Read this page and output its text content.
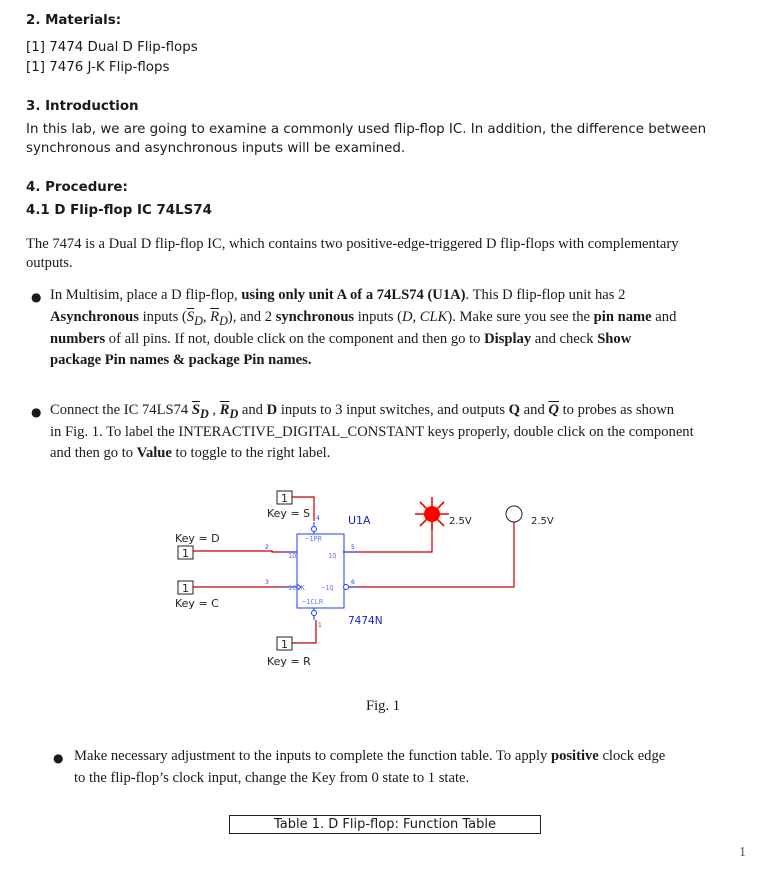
2. Materials:

[1] 7474 Dual D Flip-flops

[1] 7476 J-K Flip-flops

3. Introduction

In this lab, we are going to examine a commonly used flip-flop IC. In addition, the difference between

synchronous and asynchronous inputs will be examined.

4. Procedure:

4.1 D Flip-flop IC 74LS74

The 7474 is a Dual D flip-flop IC, which contains two positive-edge-triggered D flip-flops with complementary

outputs.

● In Multisim, place a D flip-flop, using only unit A of a 74LS74 (U1A). This D flip-flop unit has 2

Asynchronous inputs ($\overline{S}_D$, $\overline{R}_D$), and 2 synchronous inputs (D, CLK). Make sure you see the pin name and

numbers of all pins. If not, double click on the component and then go to Display and check Show

package Pin names & package Pin names.

● Connect the IC 74LS74 $\overline{S}_D$ , $\overline{R}_D$ and D inputs to 3 input switches, and outputs Q and $\overline{Q}$ to probes as shown

in Fig. 1. To label the INTERACTIVE_DIGITAL_CONSTANT keys properly, double click on the component

and then go to Value to toggle to the right label.

~1PR
1D	1Q
1CLK ~1Q
~1CLR
4
2	5
3	6
1
U1A
7474N
1
Key = S
Key = D
1
1
Key = C
1
Key = R
2.5V	2.5V

Fig. 1

● Make necessary adjustment to the inputs to complete the function table. To apply positive clock edge

to the flip-flop’s clock input, change the Key from 0 state to 1 state.

Table 1. D Flip-flop: Function Table
1
